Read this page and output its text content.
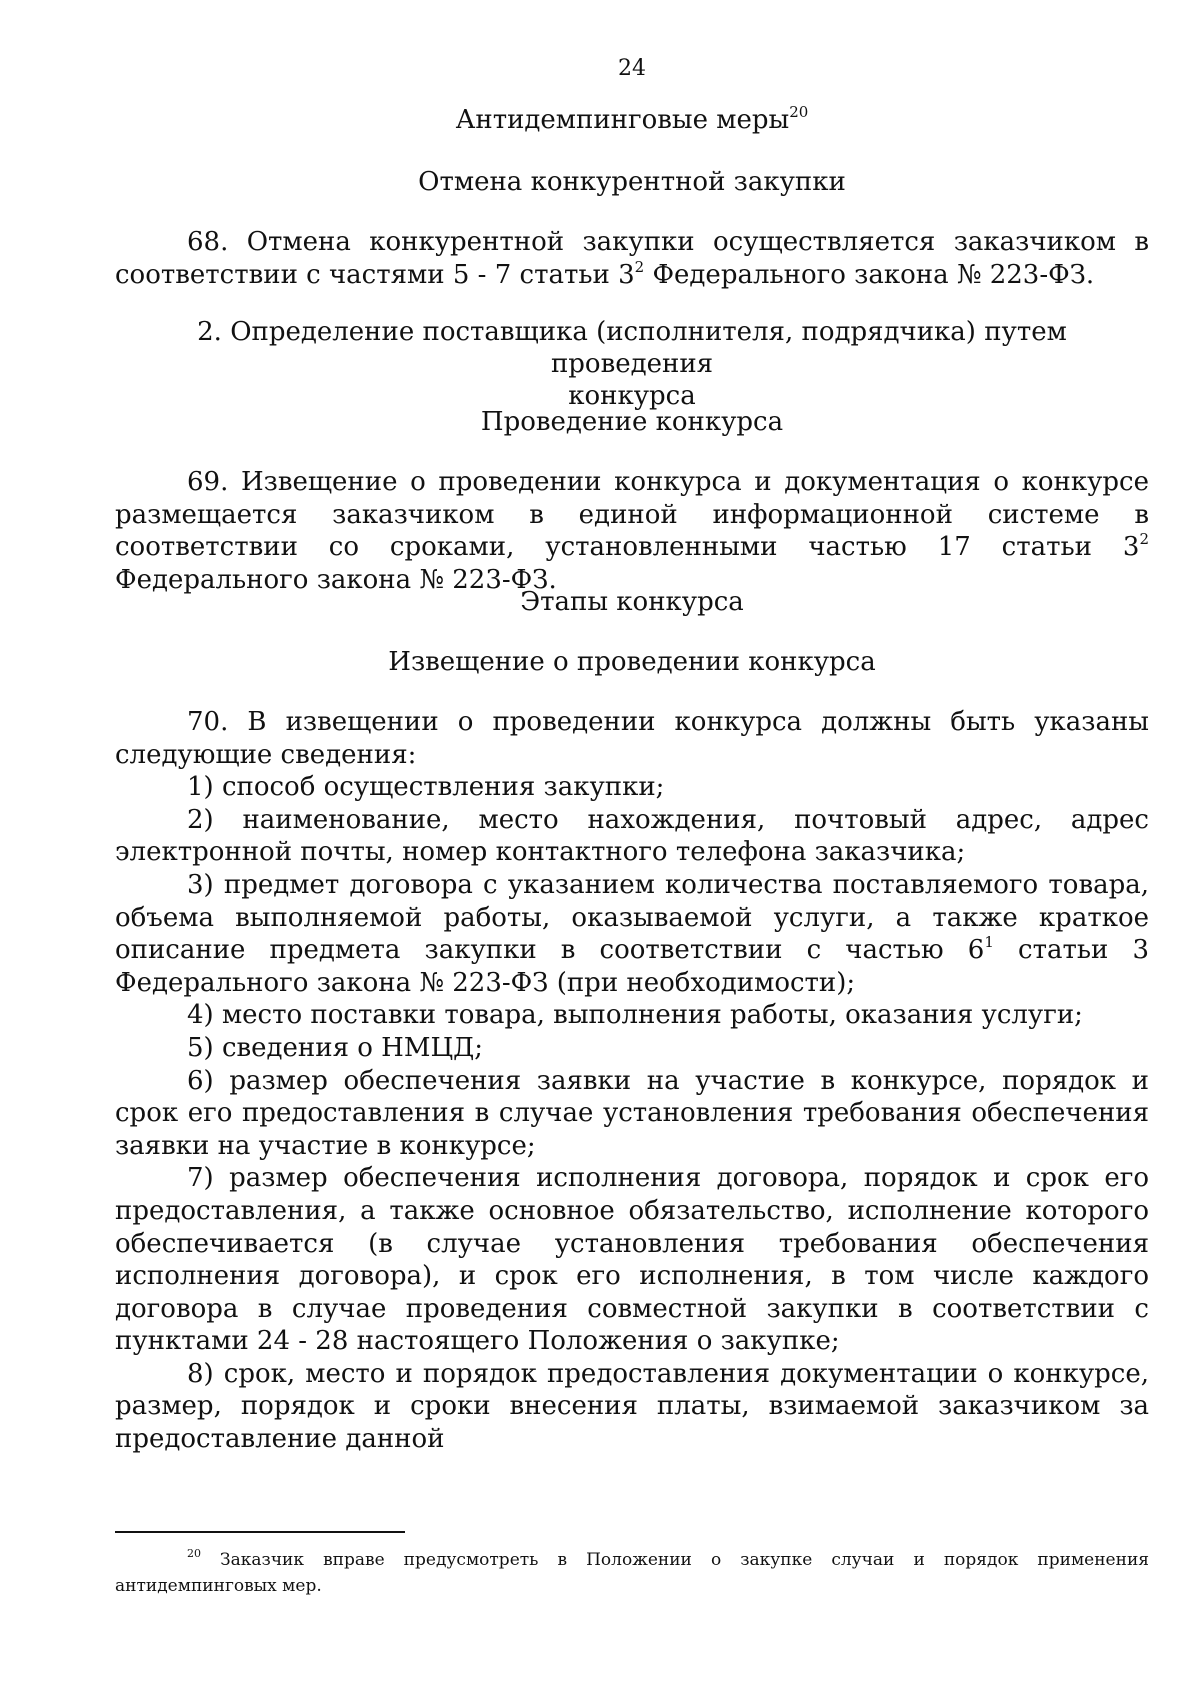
24
Антидемпинговые меры$^{20}$
Отмена конкурентной закупки
68. Отмена конкурентной закупки осуществляется заказчиком в соответствии с частями 5 - 7 статьи $3^2$ Федерального закона № 223-ФЗ.
2. Определение поставщика (исполнителя, подрядчика) путем проведения
конкурса
Проведение конкурса
69. Извещение о проведении конкурса и документация о конкурсе размещается заказчиком в единой информационной системе в соответствии со сроками, установленными частью 17 статьи $3^2$ Федерального закона № 223-ФЗ.
Этапы конкурса
Извещение о проведении конкурса
70. В извещении о проведении конкурса должны быть указаны следующие сведения:
1) способ осуществления закупки;
2) наименование, место нахождения, почтовый адрес, адрес электронной почты, номер контактного телефона заказчика;
3) предмет договора с указанием количества поставляемого товара, объема выполняемой работы, оказываемой услуги, а также краткое описание предмета закупки в соответствии с частью $6^1$ статьи 3 Федерального закона № 223-ФЗ (при необходимости);
4) место поставки товара, выполнения работы, оказания услуги;
5) сведения о НМЦД;
6) размер обеспечения заявки на участие в конкурсе, порядок и срок его предоставления в случае установления требования обеспечения заявки на участие в конкурсе;
7) размер обеспечения исполнения договора, порядок и срок его предоставления, а также основное обязательство, исполнение которого обеспечивается (в случае установления требования обеспечения исполнения договора), и срок его исполнения, в том числе каждого договора в случае проведения совместной закупки в соответствии с пунктами 24 - 28 настоящего Положения о закупке;
8) срок, место и порядок предоставления документации о конкурсе, размер, порядок и сроки внесения платы, взимаемой заказчиком за предоставление данной
$^{20}$ Заказчик вправе предусмотреть в Положении о закупке случаи и порядок применения антидемпинговых мер.
